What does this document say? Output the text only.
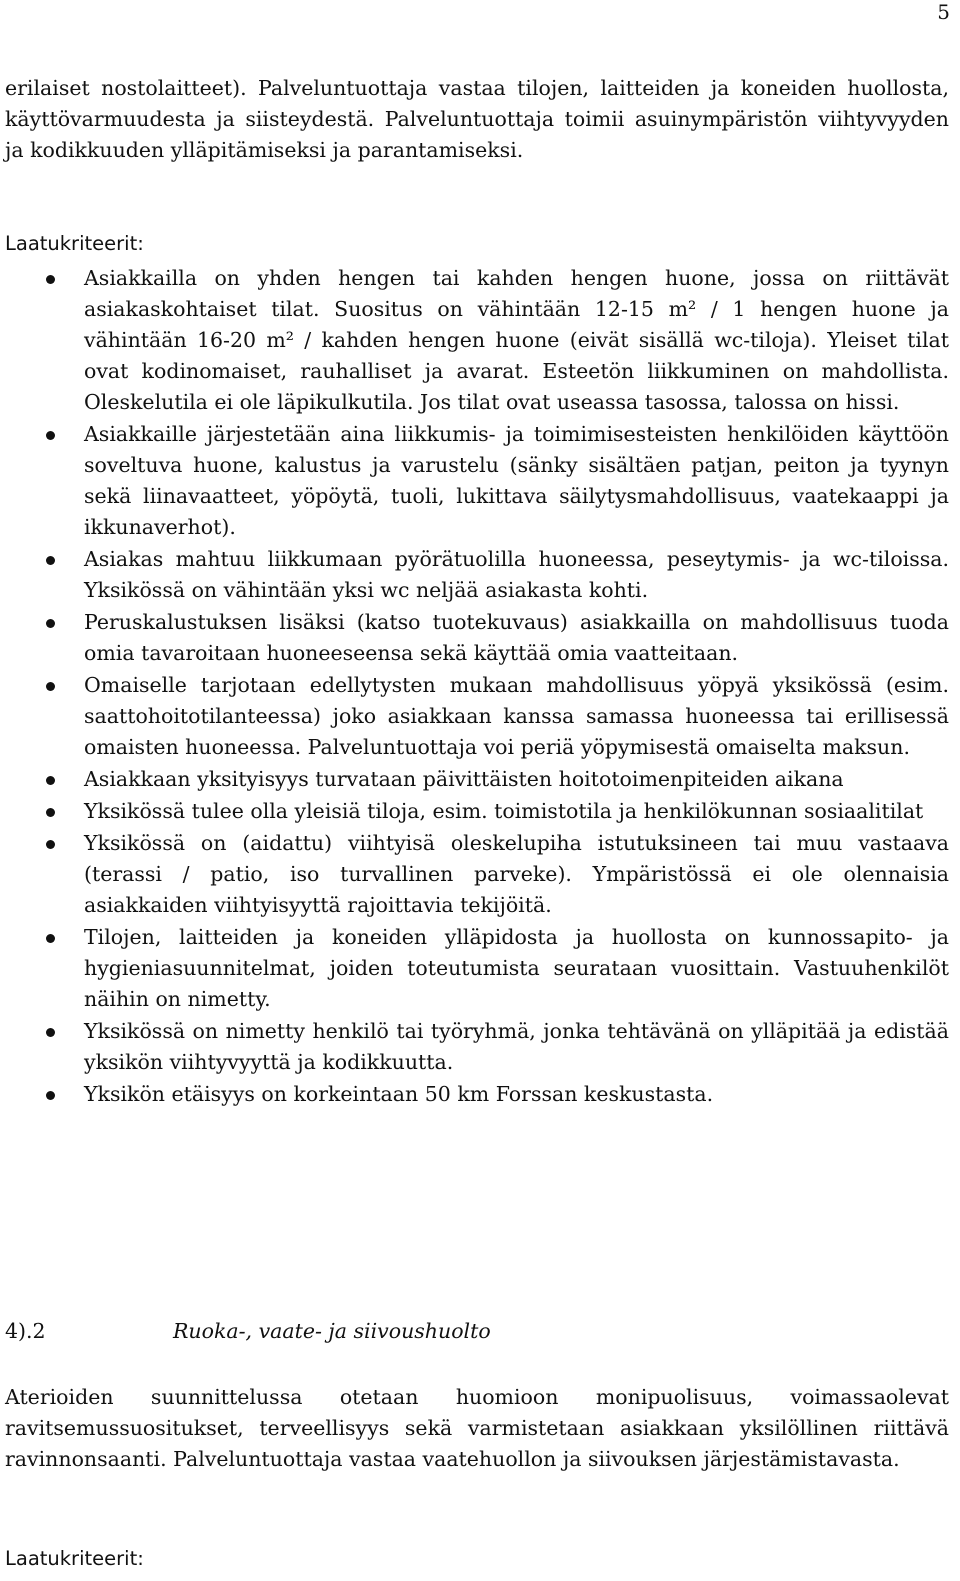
5

erilaiset nostolaitteet). Palveluntuottaja vastaa tilojen, laitteiden ja koneiden huollosta, käyttövarmuudesta ja siisteydestä. Palveluntuottaja toimii asuinympäristön viihtyvyyden ja kodikkuuden ylläpitämiseksi ja parantamiseksi.

Laatukriteerit:

Asiakkailla on yhden hengen tai kahden hengen huone, jossa on riittävät asiakaskohtaiset tilat. Suositus on vähintään 12-15 m² / 1 hengen huone ja vähintään 16-20 m² / kahden hengen huone (eivät sisällä wc-tiloja). Yleiset tilat ovat kodinomaiset, rauhalliset ja avarat. Esteetön liikkuminen on mahdollista. Oleskelutila ei ole läpikulkutila. Jos tilat ovat useassa tasossa, talossa on hissi.
Asiakkaille järjestetään aina liikkumis- ja toimimisesteisten henkilöiden käyttöön soveltuva huone, kalustus ja varustelu (sänky sisältäen patjan, peiton ja tyynyn sekä liinavaatteet, yöpöytä, tuoli, lukittava säilytysmahdollisuus, vaatekaappi ja ikkunaverhot).
Asiakas mahtuu liikkumaan pyörätuolilla huoneessa, peseytymis- ja wc-tiloissa. Yksikössä on vähintään yksi wc neljää asiakasta kohti.
Peruskalustuksen lisäksi (katso tuotekuvaus) asiakkailla on mahdollisuus tuoda omia tavaroitaan huoneeseensa sekä käyttää omia vaatteitaan.
Omaiselle tarjotaan edellytysten mukaan mahdollisuus yöpyä yksikössä (esim. saattohoitotilanteessa) joko asiakkaan kanssa samassa huoneessa tai erillisessä omaisten huoneessa. Palveluntuottaja voi periä yöpymisestä omaiselta maksun.
Asiakkaan yksityisyys turvataan päivittäisten hoitotoimenpiteiden aikana
Yksikössä tulee olla yleisiä tiloja, esim. toimistotila ja henkilökunnan sosiaalitilat
Yksikössä on (aidattu) viihtyisä oleskelupiha istutuksineen tai muu vastaava (terassi / patio, iso turvallinen parveke). Ympäristössä ei ole olennaisia asiakkaiden viihtyisyyttä rajoittavia tekijöitä.
Tilojen, laitteiden ja koneiden ylläpidosta ja huollosta on kunnossapito- ja hygieniasuunnitelmat, joiden toteutumista seurataan vuosittain. Vastuuhenkilöt näihin on nimetty.
Yksikössä on nimetty henkilö tai työryhmä, jonka tehtävänä on ylläpitää ja edistää yksikön viihtyvyyttä ja kodikkuutta.
Yksikön etäisyys on korkeintaan 50 km Forssan keskustasta.

4).2	Ruoka-, vaate- ja siivoushuolto

Aterioiden suunnittelussa otetaan huomioon monipuolisuus, voimassaolevat ravitsemussuositukset, terveellisyys sekä varmistetaan asiakkaan yksilöllinen riittävä ravinnonsaanti. Palveluntuottaja vastaa vaatehuollon ja siivouksen järjestämistavasta.

Laatukriteerit:
